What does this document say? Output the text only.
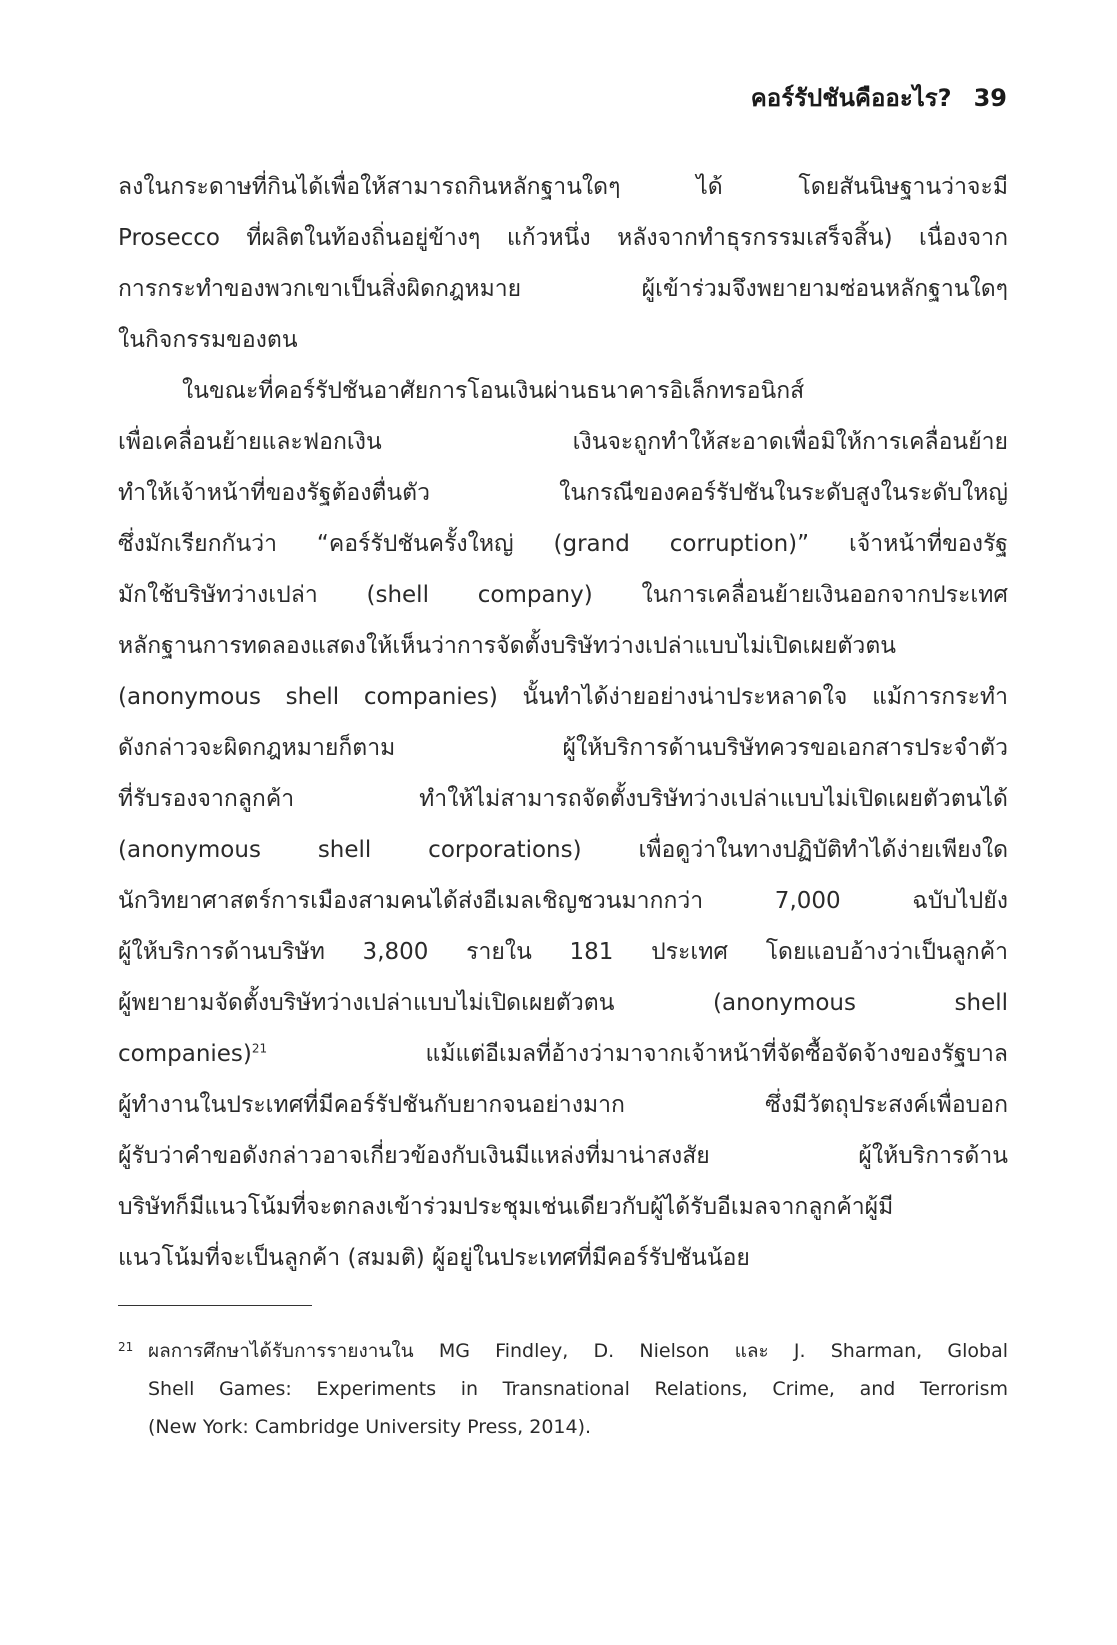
คอร์รัปชันคืออะไร? 39
ลงในกระดาษที่กินได้เพื่อให้สามารถกินหลักฐานใดๆ ได้ โดยสันนิษฐานว่าจะมี
Prosecco ที่ผลิตในท้องถิ่นอยู่ข้างๆ แก้วหนึ่ง หลังจากทำธุรกรรมเสร็จสิ้น) เนื่องจาก
การกระทำของพวกเขาเป็นสิ่งผิดกฎหมาย ผู้เข้าร่วมจึงพยายามซ่อนหลักฐานใดๆ
ในกิจกรรมของตน
ในขณะที่คอร์รัปชันอาศัยการโอนเงินผ่านธนาคารอิเล็กทรอนิกส์
เพื่อเคลื่อนย้ายและฟอกเงิน เงินจะถูกทำให้สะอาดเพื่อมิให้การเคลื่อนย้าย
ทำให้เจ้าหน้าที่ของรัฐต้องตื่นตัว ในกรณีของคอร์รัปชันในระดับสูงในระดับใหญ่
ซึ่งมักเรียกกันว่า “คอร์รัปชันครั้งใหญ่ (grand corruption)” เจ้าหน้าที่ของรัฐ
มักใช้บริษัทว่างเปล่า (shell company) ในการเคลื่อนย้ายเงินออกจากประเทศ
หลักฐานการทดลองแสดงให้เห็นว่าการจัดตั้งบริษัทว่างเปล่าแบบไม่เปิดเผยตัวตน
(anonymous shell companies) นั้นทำได้ง่ายอย่างน่าประหลาดใจ แม้การกระทำ
ดังกล่าวจะผิดกฎหมายก็ตาม ผู้ให้บริการด้านบริษัทควรขอเอกสารประจำตัว
ที่รับรองจากลูกค้า ทำให้ไม่สามารถจัดตั้งบริษัทว่างเปล่าแบบไม่เปิดเผยตัวตนได้
(anonymous shell corporations) เพื่อดูว่าในทางปฏิบัติทำได้ง่ายเพียงใด
นักวิทยาศาสตร์การเมืองสามคนได้ส่งอีเมลเชิญชวนมากกว่า 7,000 ฉบับไปยัง
ผู้ให้บริการด้านบริษัท 3,800 รายใน 181 ประเทศ โดยแอบอ้างว่าเป็นลูกค้า
ผู้พยายามจัดตั้งบริษัทว่างเปล่าแบบไม่เปิดเผยตัวตน (anonymous shell
companies)$^{21}$ แม้แต่อีเมลที่อ้างว่ามาจากเจ้าหน้าที่จัดซื้อจัดจ้างของรัฐบาล
ผู้ทำงานในประเทศที่มีคอร์รัปชันกับยากจนอย่างมาก ซึ่งมีวัตถุประสงค์เพื่อบอก
ผู้รับว่าคำขอดังกล่าวอาจเกี่ยวข้องกับเงินมีแหล่งที่มาน่าสงสัย ผู้ให้บริการด้าน
บริษัทก็มีแนวโน้มที่จะตกลงเข้าร่วมประชุมเช่นเดียวกับผู้ได้รับอีเมลจากลูกค้าผู้มี
แนวโน้มที่จะเป็นลูกค้า (สมมติ) ผู้อยู่ในประเทศที่มีคอร์รัปชันน้อย
21 ผลการศึกษาได้รับการรายงานใน MG Findley, D. Nielson และ J. Sharman, Global
Shell Games: Experiments in Transnational Relations, Crime, and Terrorism
(New York: Cambridge University Press, 2014).
